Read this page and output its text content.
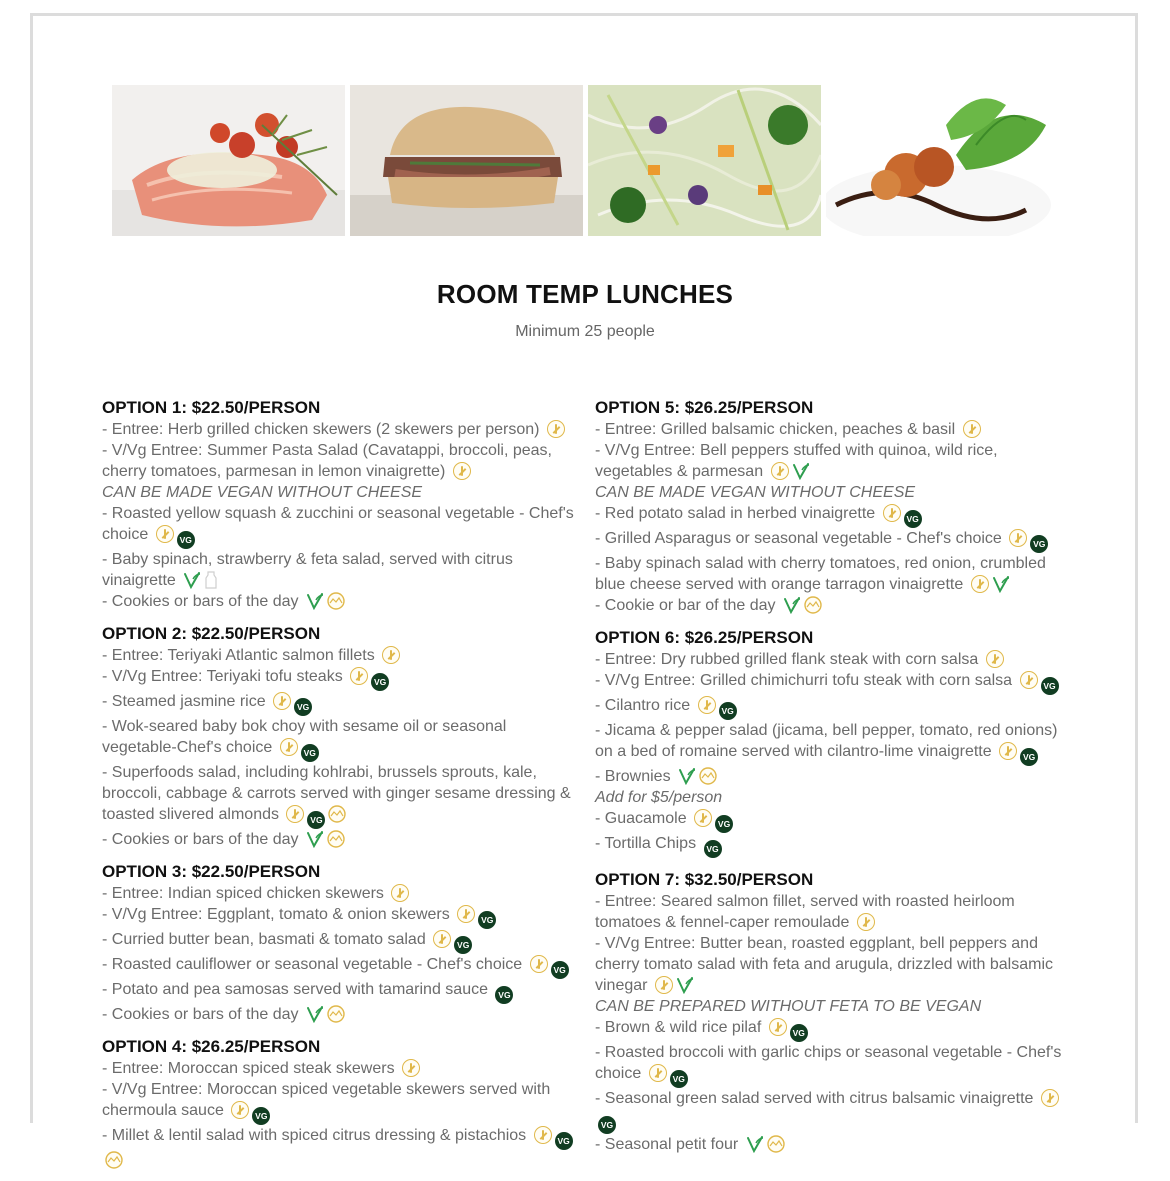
ROOM TEMP LUNCHES
Minimum 25 people
OPTION 1: $22.50/PERSON
- Entree: Herb grilled chicken skewers (2 skewers per person)
- V/Vg Entree: Summer Pasta Salad (Cavatappi, broccoli, peas, cherry tomatoes, parmesan in lemon vinaigrette)
CAN BE MADE VEGAN WITHOUT CHEESE
- Roasted yellow squash & zucchini or seasonal vegetable - Chef's choice	VG
- Baby spinach, strawberry & feta salad, served with citrus vinaigrette
- Cookies or bars of the day
OPTION 2: $22.50/PERSON
- Entree: Teriyaki Atlantic salmon fillets
- V/Vg Entree: Teriyaki tofu steaks	VG
- Steamed jasmine rice	VG
- Wok-seared baby bok choy with sesame oil or seasonal vegetable-Chef's choice	VG
- Superfoods salad, including kohlrabi, brussels sprouts, kale, broccoli, cabbage & carrots served with ginger sesame dressing & toasted slivered almonds	VG
- Cookies or bars of the day
OPTION 3: $22.50/PERSON
- Entree: Indian spiced chicken skewers
- V/Vg Entree: Eggplant, tomato & onion skewers	VG
- Curried butter bean, basmati & tomato salad	VG
- Roasted cauliflower or seasonal vegetable - Chef's choice	VG
- Potato and pea samosas served with tamarind sauce VG
- Cookies or bars of the day
OPTION 4: $26.25/PERSON
- Entree: Moroccan spiced steak skewers
- V/Vg Entree: Moroccan spiced vegetable skewers served with chermoula sauce	VG
- Millet & lentil salad with spiced citrus dressing & pistachios	VG
OPTION 5: $26.25/PERSON
- Entree: Grilled balsamic chicken, peaches & basil
- V/Vg Entree: Bell peppers stuffed with quinoa, wild rice, vegetables & parmesan
CAN BE MADE VEGAN WITHOUT CHEESE
- Red potato salad in herbed vinaigrette	VG
- Grilled Asparagus or seasonal vegetable - Chef's choice	VG
- Baby spinach salad with cherry tomatoes, red onion, crumbled blue cheese served with orange tarragon vinaigrette
- Cookie or bar of the day
OPTION 6: $26.25/PERSON
- Entree: Dry rubbed grilled flank steak with corn salsa
- V/Vg Entree: Grilled chimichurri tofu steak with corn salsa	VG
- Cilantro rice	VG
- Jicama & pepper salad (jicama, bell pepper, tomato, red onions) on a bed of romaine served with cilantro-lime vinaigrette	VG
- Brownies
Add for $5/person
- Guacamole	VG
- Tortilla Chips VG
OPTION 7: $32.50/PERSON
- Entree: Seared salmon fillet, served with roasted heirloom tomatoes & fennel-caper remoulade
- V/Vg Entree: Butter bean, roasted eggplant, bell peppers and cherry tomato salad with feta and arugula, drizzled with balsamic vinegar
CAN BE PREPARED WITHOUT FETA TO BE VEGAN
- Brown & wild rice pilaf	VG
- Roasted broccoli with garlic chips or seasonal vegetable - Chef's choice	VG
- Seasonal green salad served with citrus balsamic vinaigrette VG
- Seasonal petit four
